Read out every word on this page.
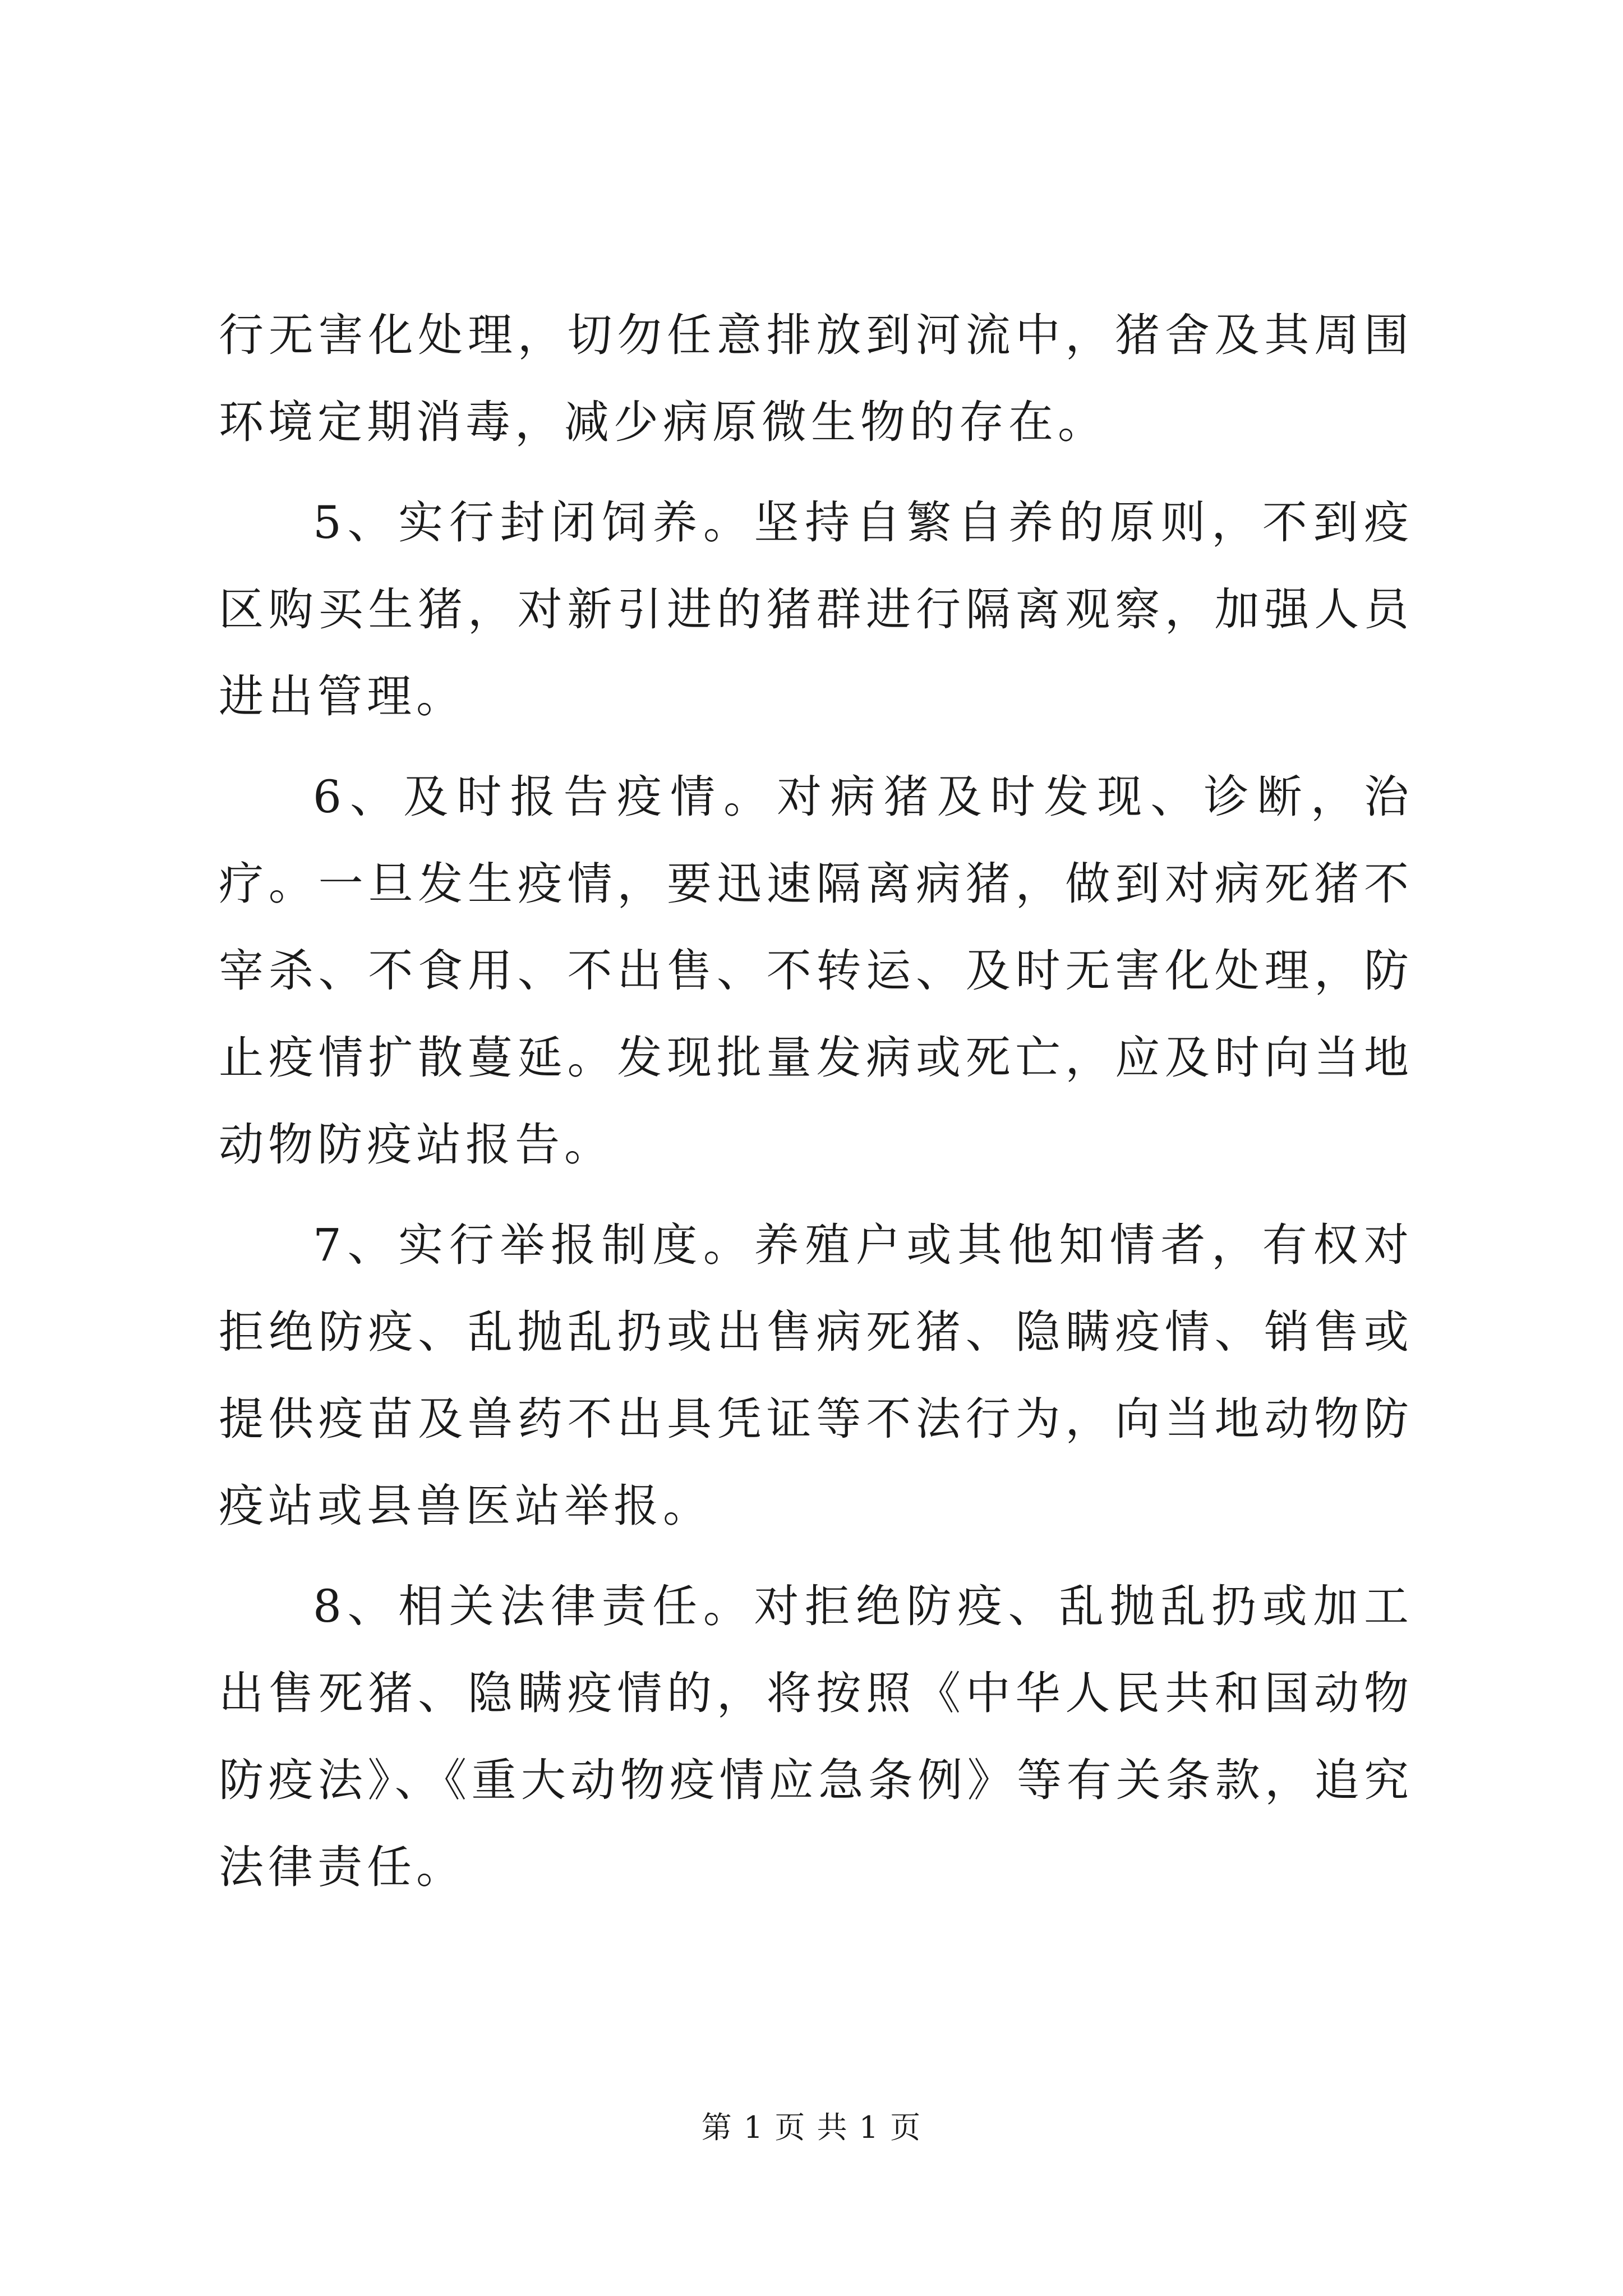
行无害化处理，切勿任意排放到河流中，猪舍及其周围环境定期消毒，减少病原微生物的存在。

5、实行封闭饲养。坚持自繁自养的原则，不到疫区购买生猪，对新引进的猪群进行隔离观察，加强人员进出管理。

6、及时报告疫情。对病猪及时发现、诊断，治疗。一旦发生疫情，要迅速隔离病猪，做到对病死猪不宰杀、不食用、不出售、不转运、及时无害化处理，防止疫情扩散蔓延。发现批量发病或死亡，应及时向当地动物防疫站报告。

7、实行举报制度。养殖户或其他知情者，有权对拒绝防疫、乱抛乱扔或出售病死猪、隐瞒疫情、销售或提供疫苗及兽药不出具凭证等不法行为，向当地动物防疫站或县兽医站举报。

8、相关法律责任。对拒绝防疫、乱抛乱扔或加工出售死猪、隐瞒疫情的，将按照《中华人民共和国动物防疫法》、《重大动物疫情应急条例》等有关条款，追究法律责任。

第 1 页 共 1 页
